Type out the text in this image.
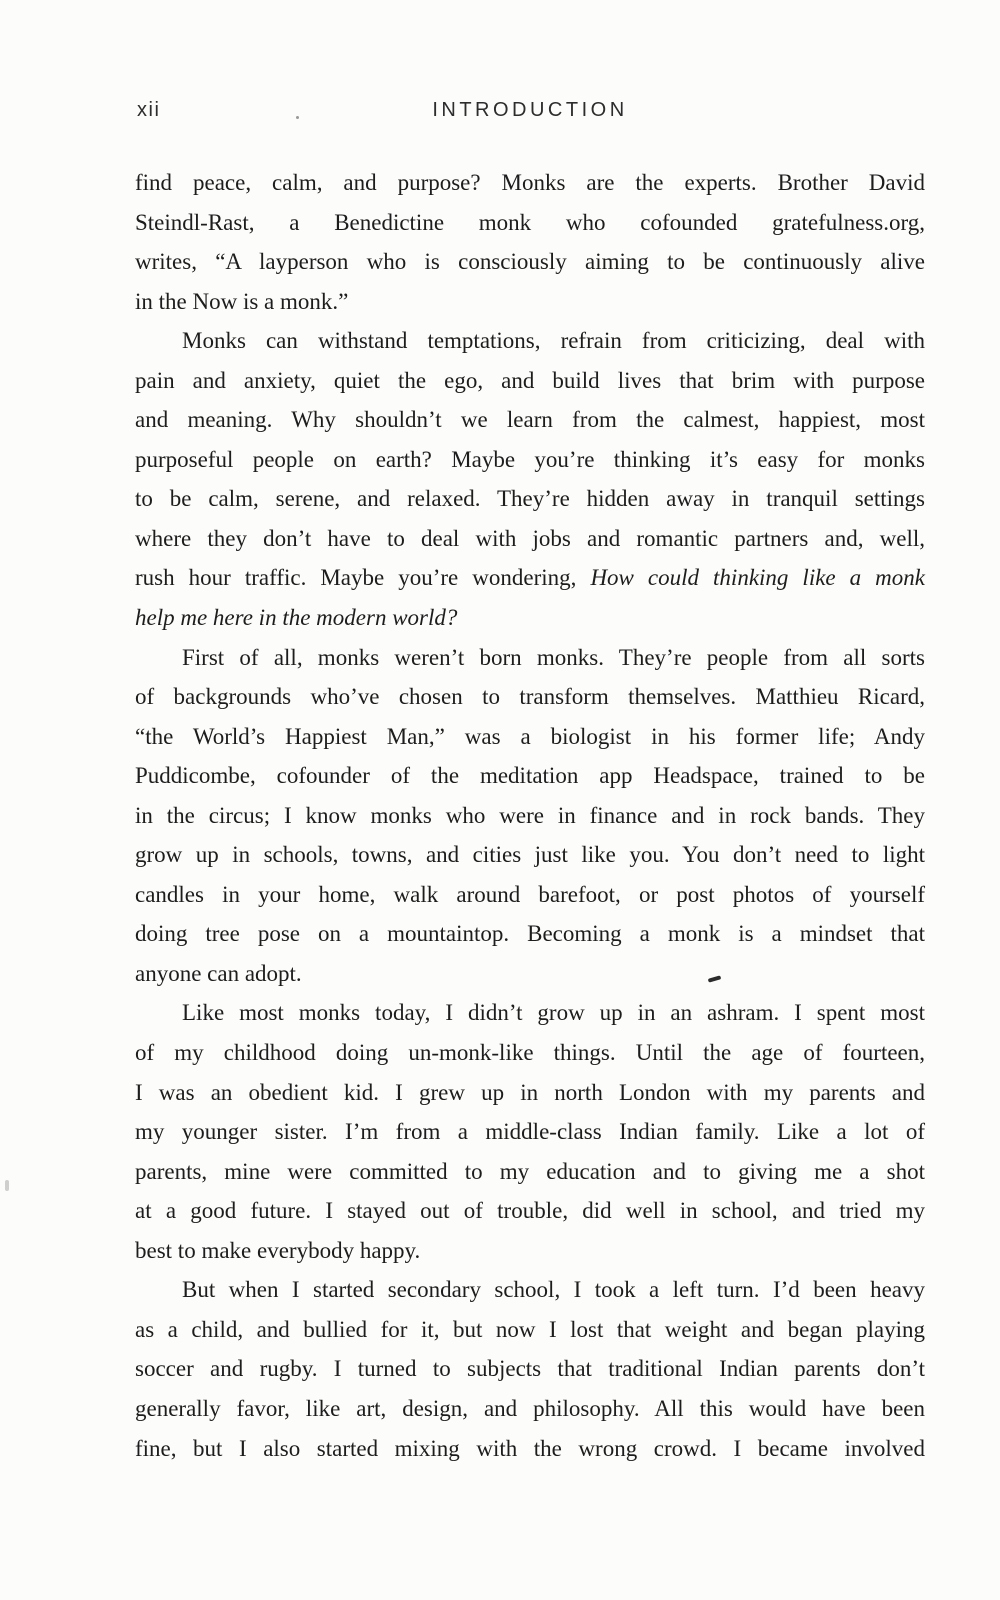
xii	INTRODUCTION
find peace, calm, and purpose? Monks are the experts. Brother David
Steindl-Rast, a Benedictine monk who cofounded gratefulness.org,
writes, “A layperson who is consciously aiming to be continuously alive
in the Now is a monk.”
Monks can withstand temptations, refrain from criticizing, deal with
pain and anxiety, quiet the ego, and build lives that brim with purpose
and meaning. Why shouldn’t we learn from the calmest, happiest, most
purposeful people on earth? Maybe you’re thinking it’s easy for monks
to be calm, serene, and relaxed. They’re hidden away in tranquil settings
where they don’t have to deal with jobs and romantic partners and, well,
rush hour traffic. Maybe you’re wondering, How could thinking like a monk
help me here in the modern world?
First of all, monks weren’t born monks. They’re people from all sorts
of backgrounds who’ve chosen to transform themselves. Matthieu Ricard,
“the World’s Happiest Man,” was a biologist in his former life; Andy
Puddicombe, cofounder of the meditation app Headspace, trained to be
in the circus; I know monks who were in finance and in rock bands. They
grow up in schools, towns, and cities just like you. You don’t need to light
candles in your home, walk around barefoot, or post photos of yourself
doing tree pose on a mountaintop. Becoming a monk is a mindset that
anyone can adopt.
Like most monks today, I didn’t grow up in an ashram. I spent most
of my childhood doing un-monk-like things. Until the age of fourteen,
I was an obedient kid. I grew up in north London with my parents and
my younger sister. I’m from a middle-class Indian family. Like a lot of
parents, mine were committed to my education and to giving me a shot
at a good future. I stayed out of trouble, did well in school, and tried my
best to make everybody happy.
But when I started secondary school, I took a left turn. I’d been heavy
as a child, and bullied for it, but now I lost that weight and began playing
soccer and rugby. I turned to subjects that traditional Indian parents don’t
generally favor, like art, design, and philosophy. All this would have been
fine, but I also started mixing with the wrong crowd. I became involved
